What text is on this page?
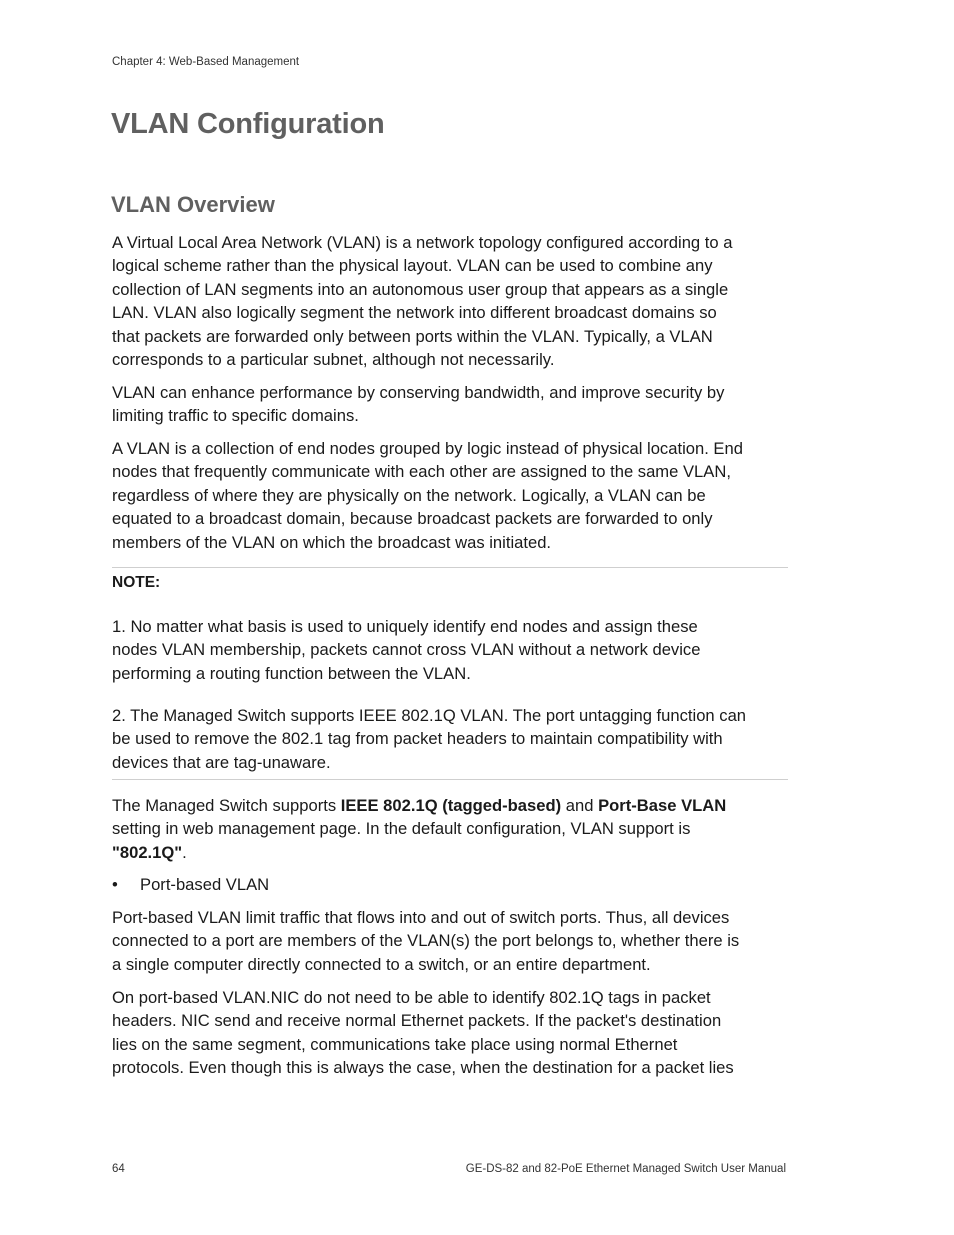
Chapter 4: Web-Based Management
VLAN Configuration
VLAN Overview

A Virtual Local Area Network (VLAN) is a network topology configured according to a
logical scheme rather than the physical layout. VLAN can be used to combine any
collection of LAN segments into an autonomous user group that appears as a single
LAN. VLAN also logically segment the network into different broadcast domains so
that packets are forwarded only between ports within the VLAN. Typically, a VLAN
corresponds to a particular subnet, although not necessarily.

VLAN can enhance performance by conserving bandwidth, and improve security by
limiting traffic to specific domains.

A VLAN is a collection of end nodes grouped by logic instead of physical location. End
nodes that frequently communicate with each other are assigned to the same VLAN,
regardless of where they are physically on the network. Logically, a VLAN can be
equated to a broadcast domain, because broadcast packets are forwarded to only
members of the VLAN on which the broadcast was initiated.

NOTE:

1. No matter what basis is used to uniquely identify end nodes and assign these
nodes VLAN membership, packets cannot cross VLAN without a network device
performing a routing function between the VLAN.

2. The Managed Switch supports IEEE 802.1Q VLAN. The port untagging function can
be used to remove the 802.1 tag from packet headers to maintain compatibility with
devices that are tag-unaware.

The Managed Switch supports IEEE 802.1Q (tagged-based) and Port-Base VLAN
setting in web management page. In the default configuration, VLAN support is
"802.1Q".

• Port-based VLAN

Port-based VLAN limit traffic that flows into and out of switch ports. Thus, all devices
connected to a port are members of the VLAN(s) the port belongs to, whether there is
a single computer directly connected to a switch, or an entire department.

On port-based VLAN.NIC do not need to be able to identify 802.1Q tags in packet
headers. NIC send and receive normal Ethernet packets. If the packet's destination
lies on the same segment, communications take place using normal Ethernet
protocols. Even though this is always the case, when the destination for a packet lies

64	GE-DS-82 and 82-PoE Ethernet Managed Switch User Manual
